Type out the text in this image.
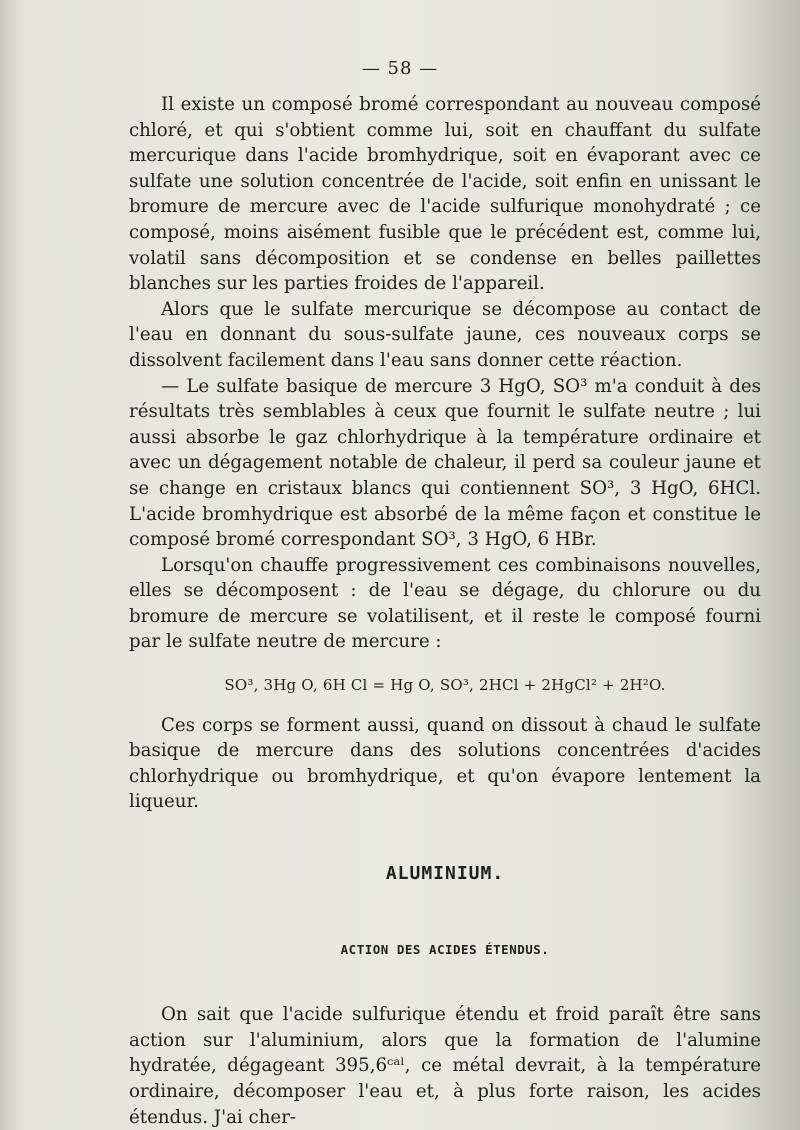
— 58 —

Il existe un composé bromé correspondant au nouveau composé chloré, et qui s'obtient comme lui, soit en chauffant du sulfate mercurique dans l'acide bromhydrique, soit en évaporant avec ce sulfate une solution concentrée de l'acide, soit enfin en unissant le bromure de mercure avec de l'acide sulfurique monohydraté ; ce composé, moins aisément fusible que le précédent est, comme lui, volatil sans décomposition et se condense en belles paillettes blanches sur les parties froides de l'appareil.

Alors que le sulfate mercurique se décompose au contact de l'eau en donnant du sous-sulfate jaune, ces nouveaux corps se dissolvent facilement dans l'eau sans donner cette réaction.

— Le sulfate basique de mercure 3 HgO, SO³ m'a conduit à des résultats très semblables à ceux que fournit le sulfate neutre ; lui aussi absorbe le gaz chlorhydrique à la température ordinaire et avec un dégagement notable de chaleur, il perd sa couleur jaune et se change en cristaux blancs qui contiennent SO³, 3 HgO, 6HCl. L'acide bromhydrique est absorbé de la même façon et constitue le composé bromé correspondant SO³, 3 HgO, 6 HBr.

Lorsqu'on chauffe progressivement ces combinaisons nouvelles, elles se décomposent : de l'eau se dégage, du chlorure ou du bromure de mercure se volatilisent, et il reste le composé fourni par le sulfate neutre de mercure :

SO³, 3Hg O, 6H Cl = Hg O, SO³, 2HCl + 2HgCl² + 2H²O.

Ces corps se forment aussi, quand on dissout à chaud le sulfate basique de mercure dans des solutions concentrées d'acides chlorhydrique ou bromhydrique, et qu'on évapore lentement la liqueur.

ALUMINIUM.
ACTION DES ACIDES ÉTENDUS.

On sait que l'acide sulfurique étendu et froid paraît être sans action sur l'aluminium, alors que la formation de l'alumine hydratée, dégageant 395,6ᶜᵃˡ, ce métal devrait, à la température ordinaire, décomposer l'eau et, à plus forte raison, les acides étendus. J'ai cher-
